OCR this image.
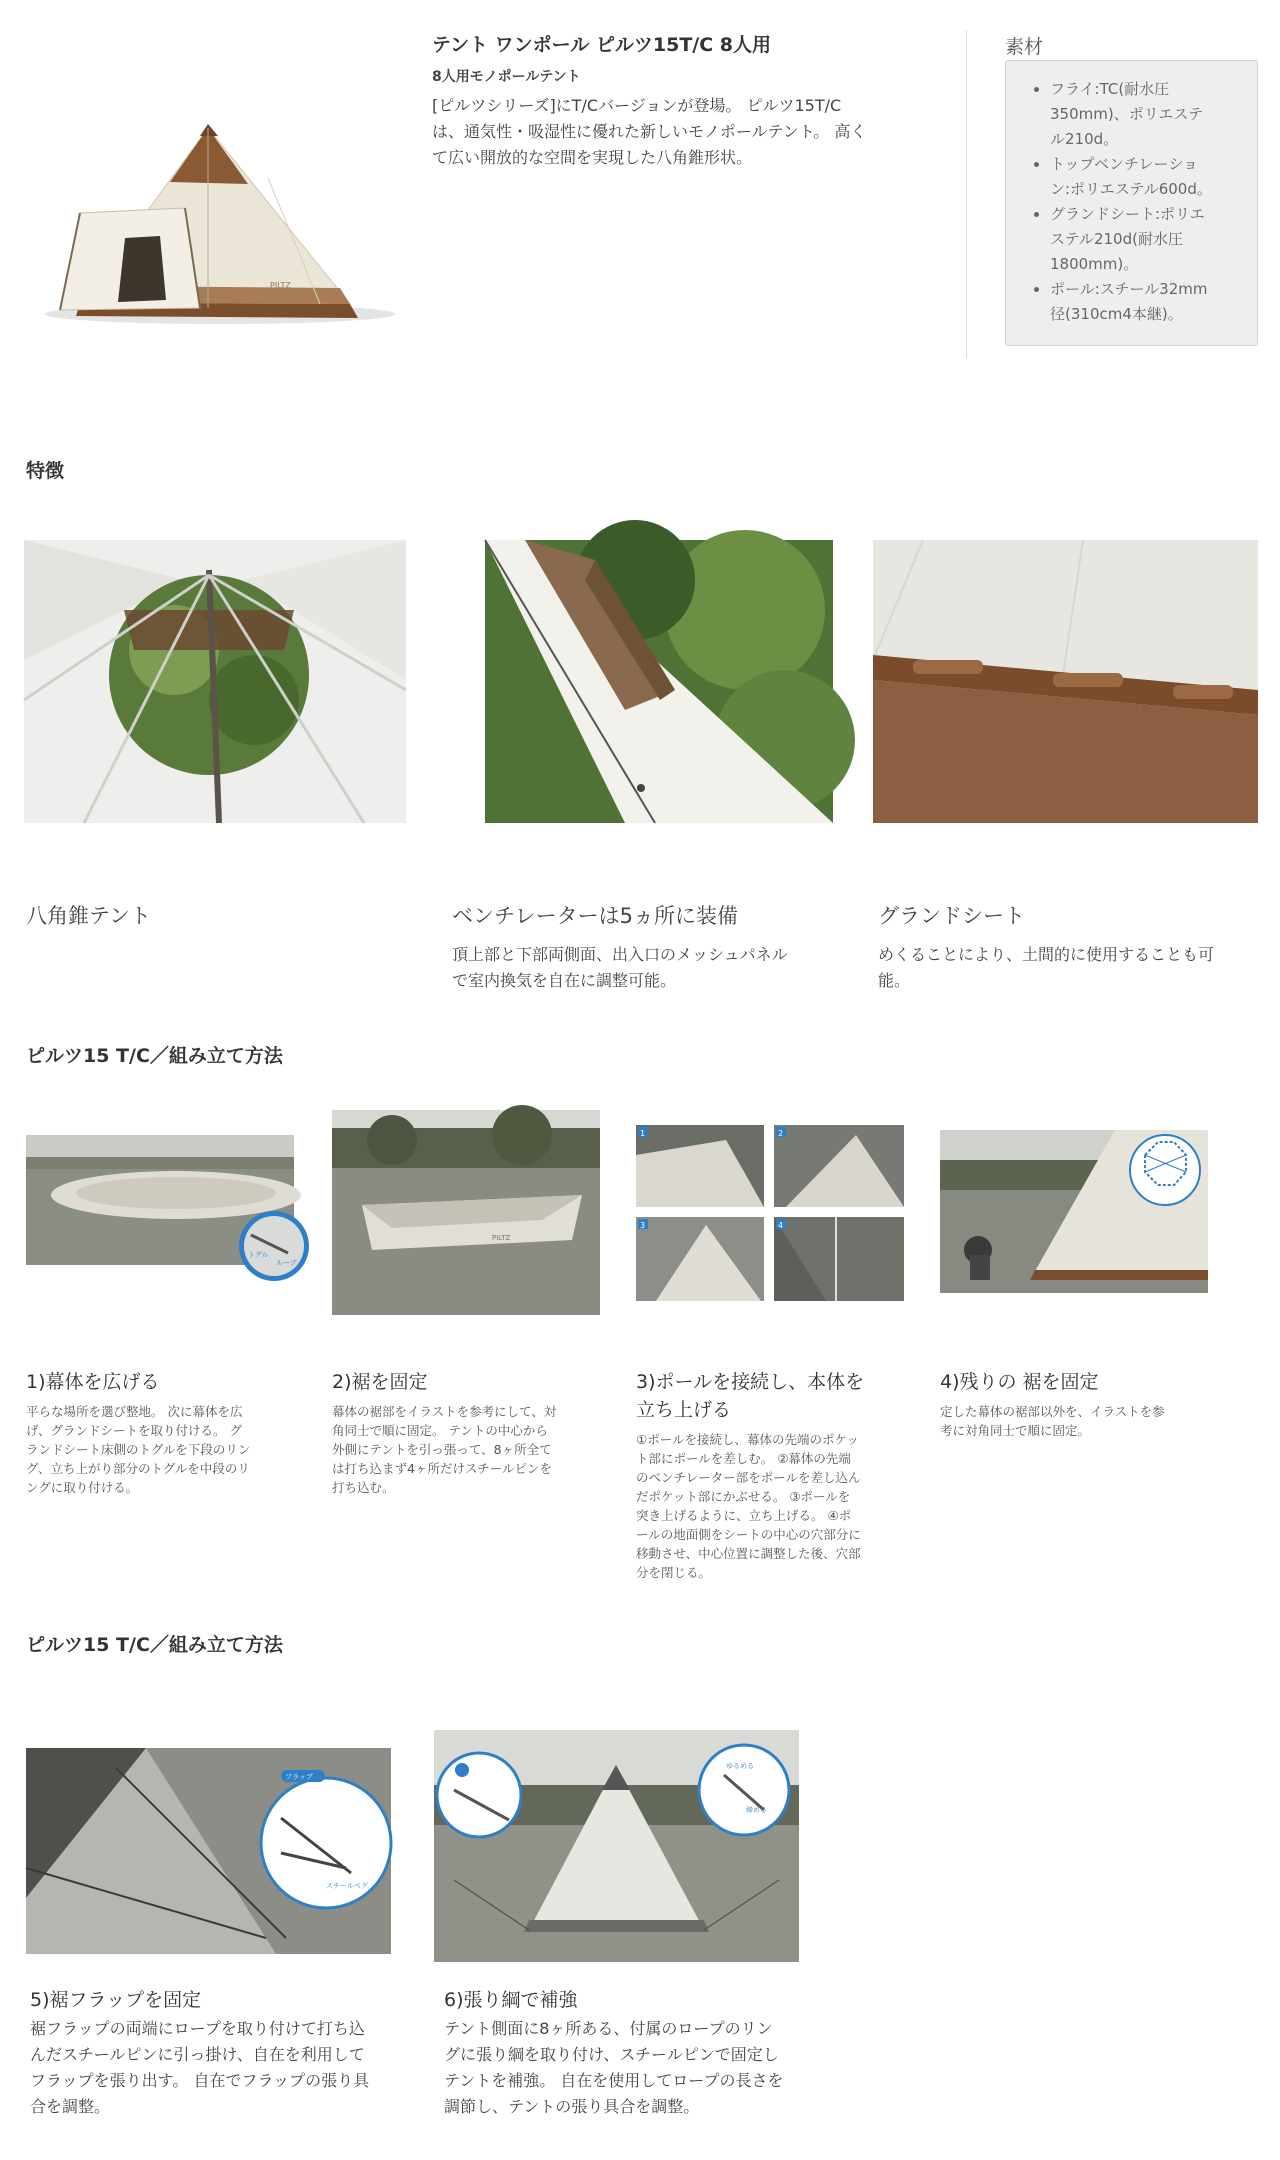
PILTZ
テント ワンポール ピルツ15T/C 8人用
8人用モノポールテント
[ピルツシリーズ]にT/Cバージョンが登場。 ピルツ15T/C
は、通気性・吸湿性に優れた新しいモノポールテント。 高く
て広い開放的な空間を実現した八角錐形状。
素材
• フライ:TC(耐水圧
350mm)、ポリエステ
ル210d。
• トップベンチレーショ
ン:ポリエステル600d。
• グランドシート:ポリエ
ステル210d(耐水圧
1800mm)。
• ポール:スチール32mm
径(310cm4本継)。
特徴
八角錐テント	ベンチレーターは5ヵ所に装備	グランドシート
頂上部と下部両側面、出入口のメッシュパネル
で室内換気を自在に調整可能。
めくることにより、土間的に使用することも可
能。
ピルツ15 T/C／組み立て方法
トグル
ループ
PILTZ
1	2
3	4
1)幕体を広げる
平らな場所を選び整地。 次に幕体を広
げ、グランドシートを取り付ける。 グ
ランドシート床側のトグルを下段のリン
グ、立ち上がり部分のトグルを中段のリ
ングに取り付ける。
2)裾を固定
幕体の裾部をイラストを参考にして、対
角同士で順に固定。 テントの中心から
外側にテントを引っ張って、8ヶ所全て
は打ち込まず4ヶ所だけスチールピンを
打ち込む。
3)ポールを接続し、本体を
立ち上げる
①ポールを接続し、幕体の先端のポケッ
ト部にポールを差しむ。 ②幕体の先端
のベンチレーター部をポールを差し込ん
だポケット部にかぶせる。 ③ポールを
突き上げるように、立ち上げる。 ④ポ
ールの地面側をシートの中心の穴部分に
移動させ、中心位置に調整した後、穴部
分を閉じる。
4)残りの 裾を固定
定した幕体の裾部以外を、イラストを参
考に対角同士で順に固定。
ピルツ15 T/C／組み立て方法
フラップ
スチールペグ
ゆるめる
締める
5)裾フラップを固定
裾フラップの両端にロープを取り付けて打ち込
んだスチールピンに引っ掛け、自在を利用して
フラップを張り出す。 自在でフラップの張り具
合を調整。
6)張り綱で補強
テント側面に8ヶ所ある、付属のロープのリン
グに張り綱を取り付け、スチールピンで固定し
テントを補強。 自在を使用してロープの長さを
調節し、テントの張り具合を調整。
